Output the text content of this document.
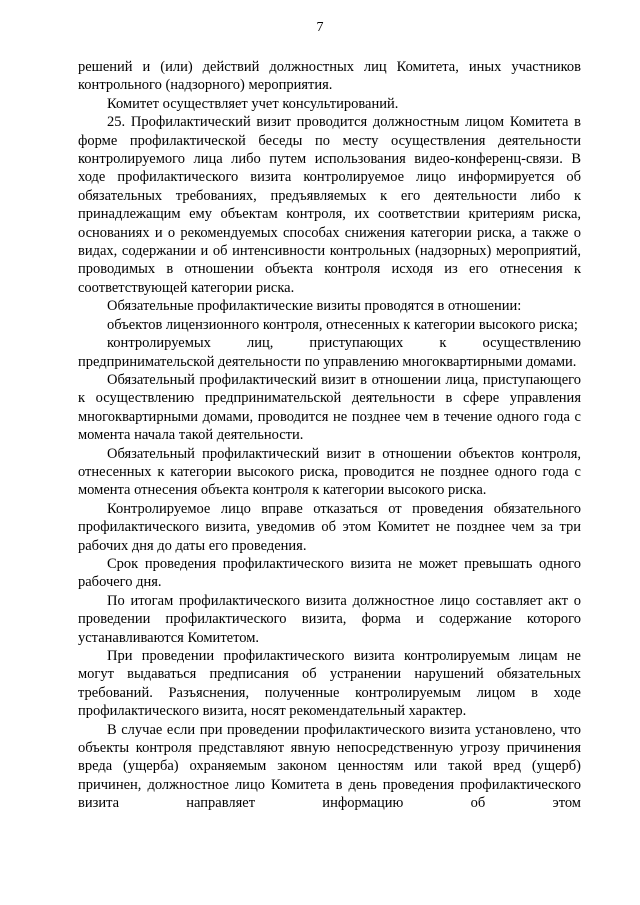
7

решений и (или) действий должностных лиц Комитета, иных участников контрольного (надзорного) мероприятия.

Комитет осуществляет учет консультирований.

25. Профилактический визит проводится должностным лицом Комитета в форме профилактической беседы по месту осуществления деятельности контролируемого лица либо путем использования видео-конференц-связи. В ходе профилактического визита контролируемое лицо информируется об обязательных требованиях, предъявляемых к его деятельности либо к принадлежащим ему объектам контроля, их соответствии критериям риска, основаниях и о рекомендуемых способах снижения категории риска, а также о видах, содержании и об интенсивности контрольных (надзорных) мероприятий, проводимых в отношении объекта контроля исходя из его отнесения к соответствующей категории риска.

Обязательные профилактические визиты проводятся в отношении:

объектов лицензионного контроля, отнесенных к категории высокого риска;

контролируемых лиц, приступающих к осуществлению предпринимательской деятельности по управлению многоквартирными домами.

Обязательный профилактический визит в отношении лица, приступающего к осуществлению предпринимательской деятельности в сфере управления многоквартирными домами, проводится не позднее чем в течение одного года с момента начала такой деятельности.

Обязательный профилактический визит в отношении объектов контроля, отнесенных к категории высокого риска, проводится не позднее одного года с момента отнесения объекта контроля к категории высокого риска.

Контролируемое лицо вправе отказаться от проведения обязательного профилактического визита, уведомив об этом Комитет не позднее чем за три рабочих дня до даты его проведения.

Срок проведения профилактического визита не может превышать одного рабочего дня.

По итогам профилактического визита должностное лицо составляет акт о проведении профилактического визита, форма и содержание которого устанавливаются Комитетом.

При проведении профилактического визита контролируемым лицам не могут выдаваться предписания об устранении нарушений обязательных требований. Разъяснения, полученные контролируемым лицом в ходе профилактического визита, носят рекомендательный характер.

В случае если при проведении профилактического визита установлено, что объекты контроля представляют явную непосредственную угрозу причинения вреда (ущерба) охраняемым законом ценностям или такой вред (ущерб) причинен, должностное лицо Комитета в день проведения профилактического визита направляет информацию об этом
